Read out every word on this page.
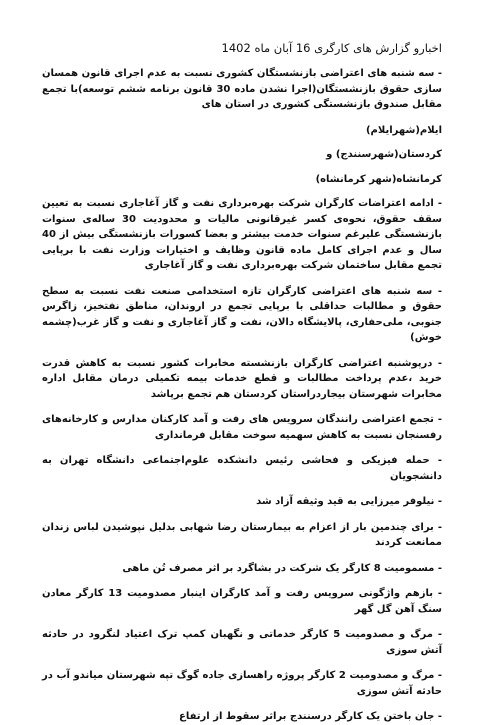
اخبارو گزارش های کارگری 16 آبان ماه 1402

- سه شنبه های اعتراضی بازنشستگان کشوری نسبت به عدم اجرای قانون همسان سازی حقوق بازنشستگان(اجرا نشدن ماده 30 قانون برنامه ششم توسعه)با تجمع مقابل صندوق بازنشستگی کشوری در استان های

ایلام(شهرایلام)

کردستان(شهرسنندج) و

کرمانشاه(شهر کرمانشاه)

- ادامه اعتراضات کارگران شرکت بهره‌برداری نفت و گاز آغاجاری نسبت به تعیین سقف حقوق، نحوه‌ی کسر غیرقانونی مالیات و محدودیت 30 ساله‌ی سنوات بازنشستگی علیرغم سنوات خدمت بیشتر و بعضا کسورات بازنشستگی بیش از 40 سال و عدم اجرای کامل ماده قانون وظایف و اختیارات وزارت نفت با برپایی تجمع مقابل ساختمان شرکت بهره‌برداری نفت و گاز آغاجاری

- سه شنبه های اعتراضی کارگران تازه استخدامی صنعت نفت نسبت به سطح حقوق و مطالبات حداقلی با برپایی تجمع در اروندان، مناطق نفتخیز، زاگرس جنوبی، ملی‌حفاری، پالایشگاه دالان، نفت و گاز آغاجاری و نفت و گاز غرب(چشمه خوش)

- درپوشنبه اعتراضی کارگران بازنشسته مخابرات کشور نسبت به کاهش قدرت خرید ،عدم پرداخت مطالبات و قطع خدمات بیمه تکمیلی درمان مقابل اداره مخابرات شهرستان بیجاردراستان کردستان هم تجمع برپاشد

- تجمع اعتراضی رانندگان سرویس های رفت و آمد کارکنان مدارس و کارخانه‌های رفسنجان نسبت به کاهش سهمیه سوخت مقابل فرمانداری

- حمله فیزیکی و فحاشی رئیس دانشکده علوم‌اجتماعی دانشگاه تهران به دانشجویان

- نیلوفر میرزایی به قید وثیقه آزاد شد

- برای چندمین بار از اعزام به بیمارستان رضا شهابی بدلیل نپوشیدن لباس زندان ممانعت کردند

- مسمومیت 8 کارگر یک شرکت در بشاگرد بر اثر مصرف تُن ماهی

- بازهم واژگونی سرویس رفت و آمد کارگران اینبار مصدومیت 13 کارگر معادن سنگ آهن گل گهر

- مرگ و مصدومیت 5 کارگر خدماتی و نگهبان کمپ ترک اعتیاد لنگرود در حادثه آتش سوزی

- مرگ و مصدومیت 2 کارگر پروژه راهسازی جاده گوگ تپه شهرستان میاندو آب در حادثه آتش سوزی

- جان باختن یک کارگر درسنندج براثر سقوط از ارتفاع
